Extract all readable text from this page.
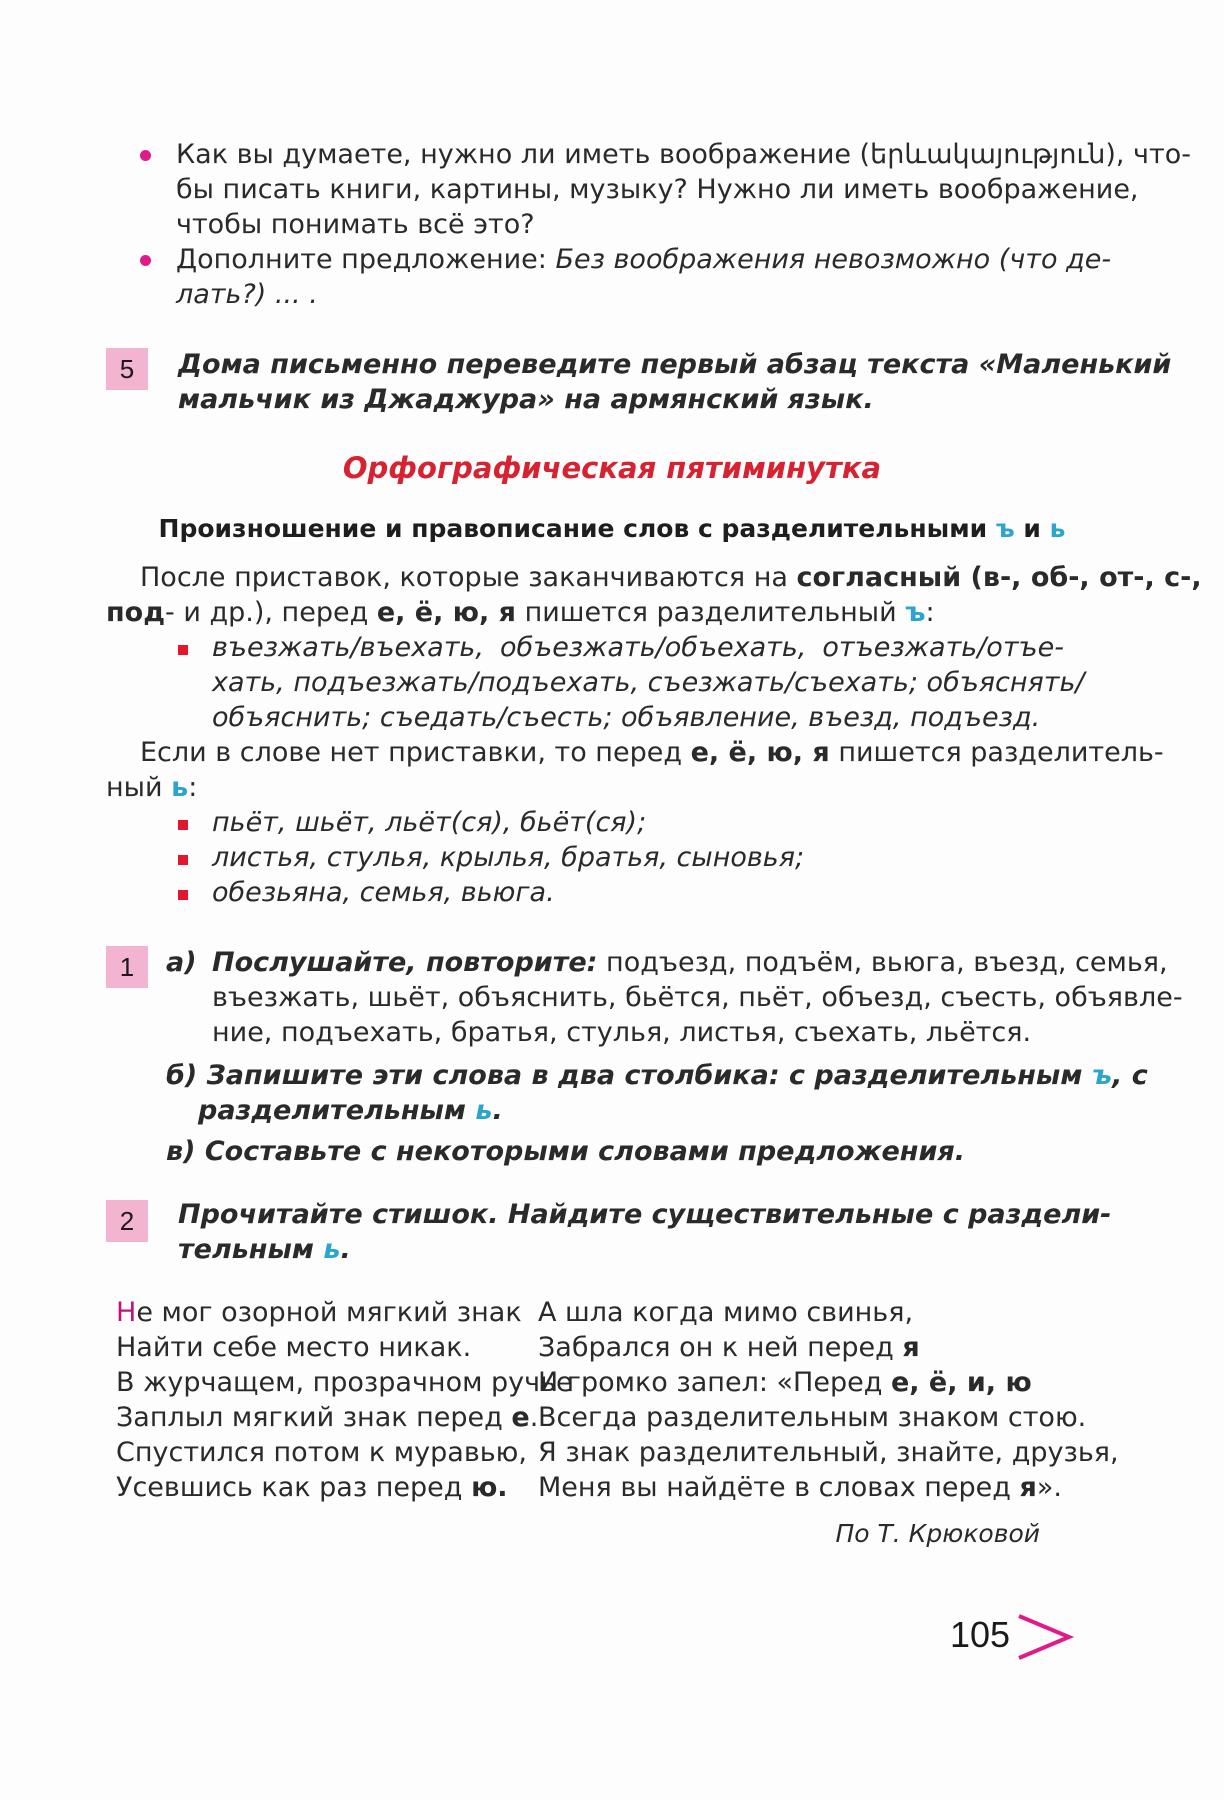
Как вы думаете, нужно ли иметь воображение (երևակայություն), что-
бы писать книги, картины, музыку? Нужно ли иметь воображение,
чтобы понимать всё это?
Дополните предложение: Без воображения невозможно (что де-
лать?) ... .
5	Дома письменно переведите первый абзац текста «Маленький
мальчик из Джаджура» на армянский язык.
Орфографическая пятиминутка
Произношение и правописание слов с разделительными ъ и ь
После приставок, которые заканчиваются на согласный (в-, об-, от-, с-,
под- и др.), перед е, ё, ю, я пишется разделительный ъ:
въезжать/въехать, объезжать/объехать, отъезжать/отъе-
хать, подъезжать/подъехать, съезжать/съехать; объяснять/
объяснить; съедать/съесть; объявление, въезд, подъезд.
Если в слове нет приставки, то перед е, ё, ю, я пишется разделитель-
ный ь:
пьёт, шьёт, льёт(ся), бьёт(ся);
листья, стулья, крылья, братья, сыновья;
обезьяна, семья, вьюга.
1	а) Послушайте, повторите: подъезд, подъём, вьюга, въезд, семья,
въезжать, шьёт, объяснить, бьётся, пьёт, объезд, съесть, объявле-
ние, подъехать, братья, стулья, листья, съехать, льётся.
б) Запишите эти слова в два столбика: с разделительным ъ, с
разделительным ь.
в) Составьте с некоторыми словами предложения.
2	Прочитайте стишок. Найдите существительные с раздели-
тельным ь.
Не мог озорной мягкий знак
Найти себе место никак.
В журчащем, прозрачном ручье
Заплыл мягкий знак перед е.
Спустился потом к муравью,
Усевшись как раз перед ю.
А шла когда мимо свинья,
Забрался он к ней перед я
И громко запел: «Перед е, ё, и, ю
Всегда разделительным знаком стою.
Я знак разделительный, знайте, друзья,
Меня вы найдёте в словах перед я».
По Т. Крюковой
105
